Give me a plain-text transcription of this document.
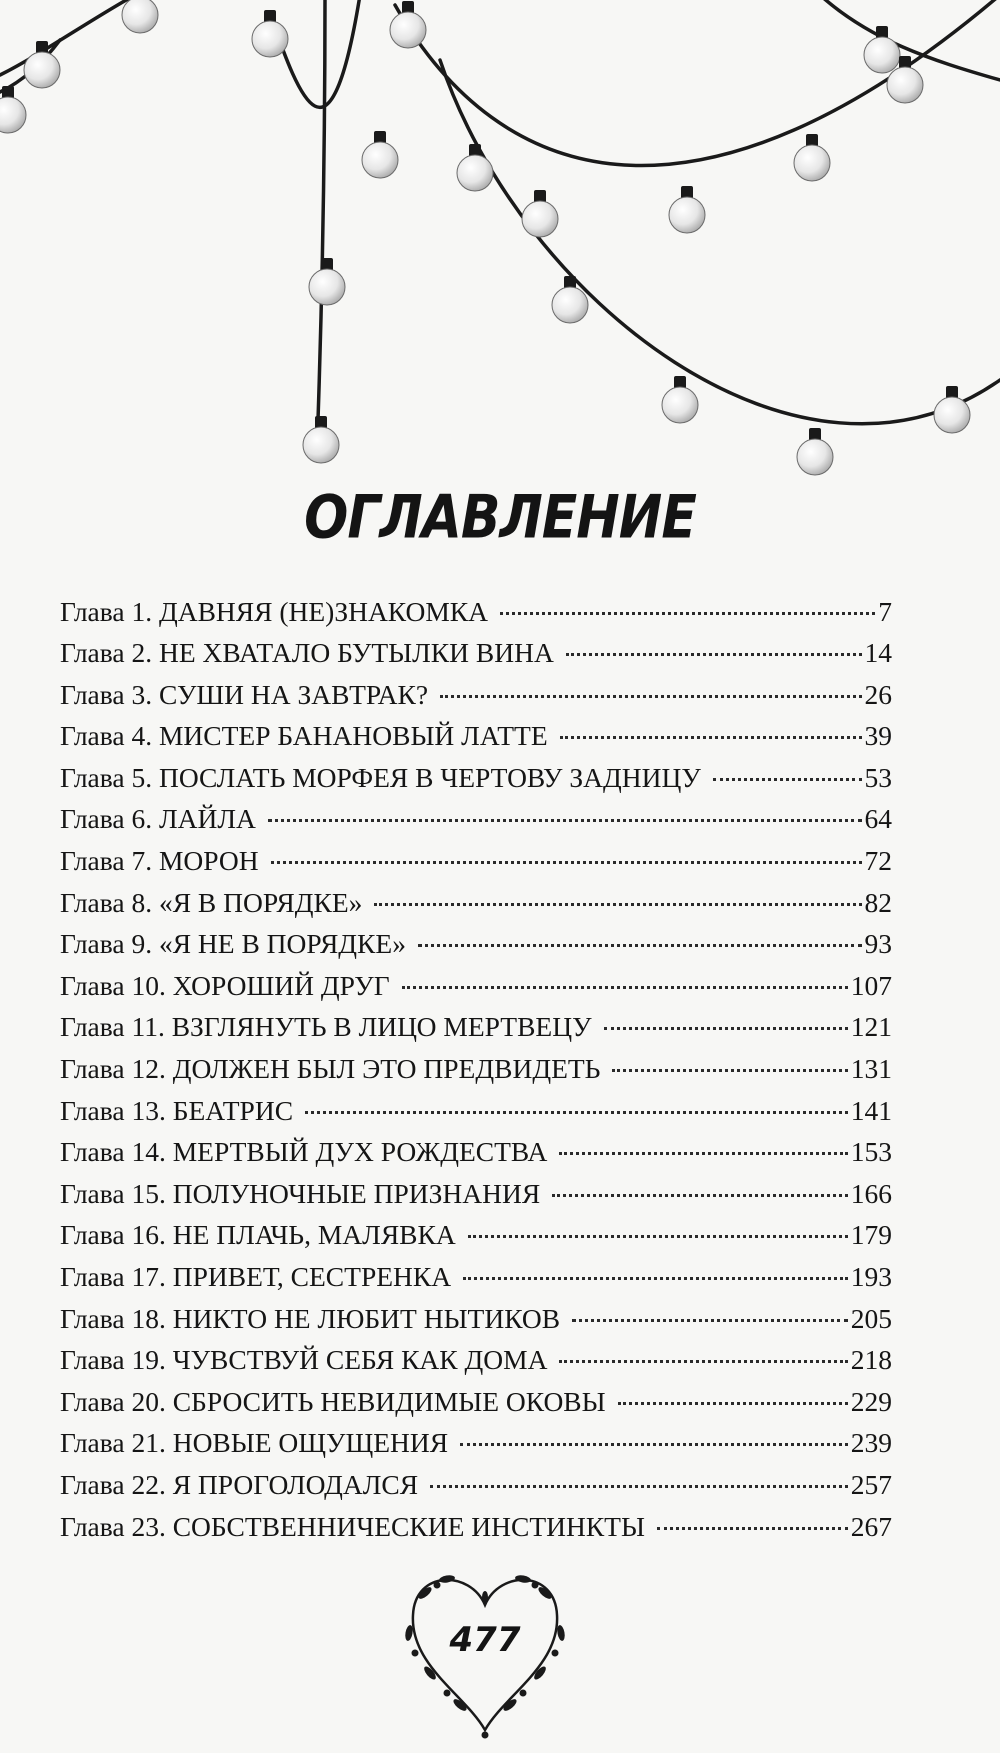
ОГЛАВЛЕНИЕ
Глава 1. ДАВНЯЯ (НЕ)ЗНАКОМКА	7
Глава 2. НЕ ХВАТАЛО БУТЫЛКИ ВИНА	14
Глава 3. СУШИ НА ЗАВТРАК?	26
Глава 4. МИСТЕР БАНАНОВЫЙ ЛАТТЕ	39
Глава 5. ПОСЛАТЬ МОРФЕЯ В ЧЕРТОВУ ЗАДНИЦУ	53
Глава 6. ЛАЙЛА	64
Глава 7. МОРОН	72
Глава 8. «Я В ПОРЯДКЕ»	82
Глава 9. «Я НЕ В ПОРЯДКЕ»	93
Глава 10. ХОРОШИЙ ДРУГ	107
Глава 11. ВЗГЛЯНУТЬ В ЛИЦО МЕРТВЕЦУ	121
Глава 12. ДОЛЖЕН БЫЛ ЭТО ПРЕДВИДЕТЬ	131
Глава 13. БЕАТРИС	141
Глава 14. МЕРТВЫЙ ДУХ РОЖДЕСТВА	153
Глава 15. ПОЛУНОЧНЫЕ ПРИЗНАНИЯ	166
Глава 16. НЕ ПЛАЧЬ, МАЛЯВКА	179
Глава 17. ПРИВЕТ, СЕСТРЕНКА	193
Глава 18. НИКТО НЕ ЛЮБИТ НЫТИКОВ	205
Глава 19. ЧУВСТВУЙ СЕБЯ КАК ДОМА	218
Глава 20. СБРОСИТЬ НЕВИДИМЫЕ ОКОВЫ	229
Глава 21. НОВЫЕ ОЩУЩЕНИЯ	239
Глава 22. Я ПРОГОЛОДАЛСЯ	257
Глава 23. СОБСТВЕННИЧЕСКИЕ ИНСТИНКТЫ	267
477
